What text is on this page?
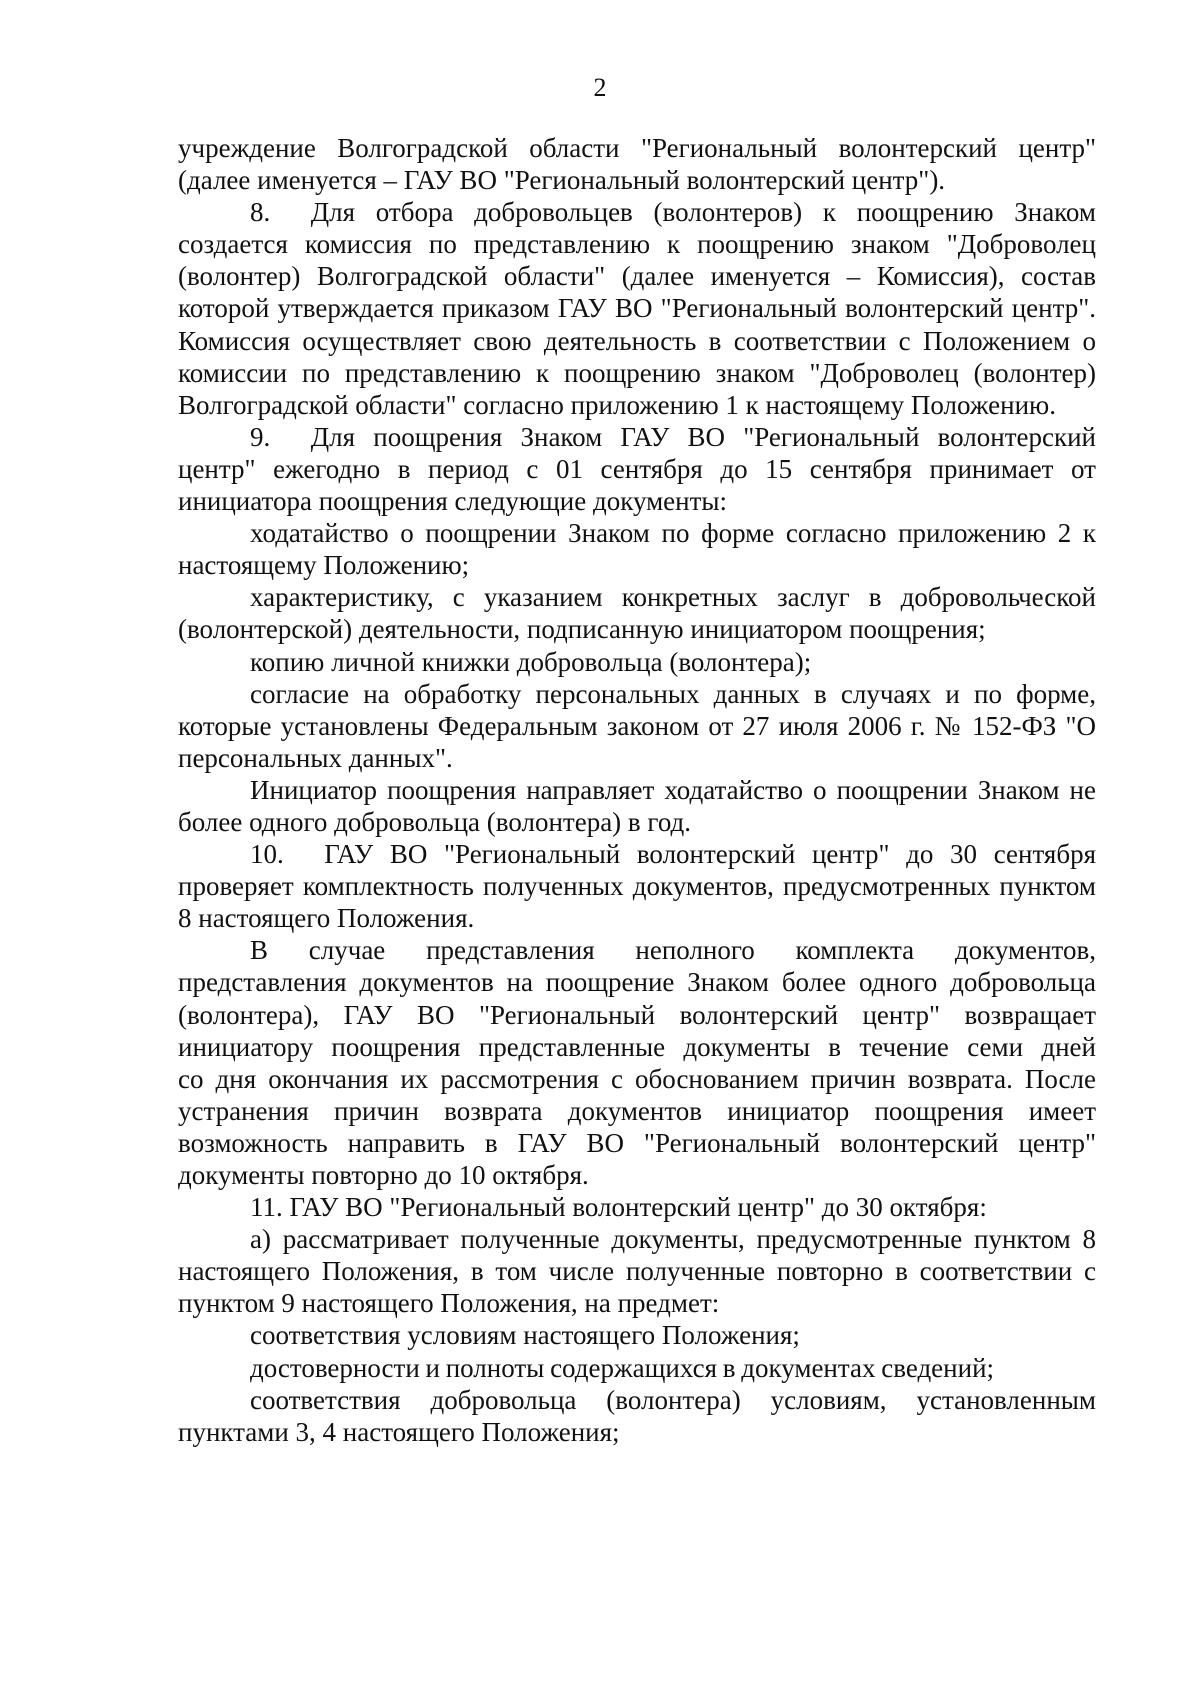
2

учреждение Волгоградской области "Региональный волонтерский центр" (далее именуется – ГАУ ВО "Региональный волонтерский центр").

8.  Для отбора добровольцев (волонтеров) к поощрению Знаком создается комиссия по представлению к поощрению знаком "Доброволец (волонтер) Волгоградской области" (далее именуется – Комиссия), состав которой утверждается приказом ГАУ ВО "Региональный волонтерский центр". Комиссия осуществляет свою деятельность в соответствии с Положением о комиссии по представлению к поощрению знаком "Доброволец (волонтер) Волгоградской области" согласно приложению 1 к настоящему Положению.

9.  Для поощрения Знаком ГАУ ВО "Региональный волонтерский центр" ежегодно в период с 01 сентября до 15 сентября принимает от инициатора поощрения следующие документы:

ходатайство о поощрении Знаком по форме согласно приложению 2 к настоящему Положению;

характеристику, с указанием конкретных заслуг в добровольческой (волонтерской) деятельности, подписанную инициатором поощрения;

копию личной книжки добровольца (волонтера);

согласие на обработку персональных данных в случаях и по форме, которые установлены Федеральным законом от 27 июля 2006 г. № 152-ФЗ "О персональных данных".

Инициатор поощрения направляет ходатайство о поощрении Знаком не более одного добровольца (волонтера) в год.

10.  ГАУ ВО "Региональный волонтерский центр" до 30 сентября проверяет комплектность полученных документов, предусмотренных пунктом 8 настоящего Положения.

В случае представления неполного комплекта документов, представления документов на поощрение Знаком более одного добровольца (волонтера), ГАУ ВО "Региональный волонтерский центр" возвращает инициатору поощрения представленные документы в течение семи дней

со дня окончания их рассмотрения с обоснованием причин возврата. После устранения причин возврата документов инициатор поощрения имеет возможность направить в ГАУ ВО "Региональный волонтерский центр" документы повторно до 10 октября.

11. ГАУ ВО "Региональный волонтерский центр" до 30 октября:

а) рассматривает полученные документы, предусмотренные пунктом 8 настоящего Положения, в том числе полученные повторно в соответствии с пунктом 9 настоящего Положения, на предмет:

соответствия условиям настоящего Положения;

достоверности и полноты содержащихся в документах сведений;

соответствия добровольца (волонтера) условиям, установленным пунктами 3, 4 настоящего Положения;
